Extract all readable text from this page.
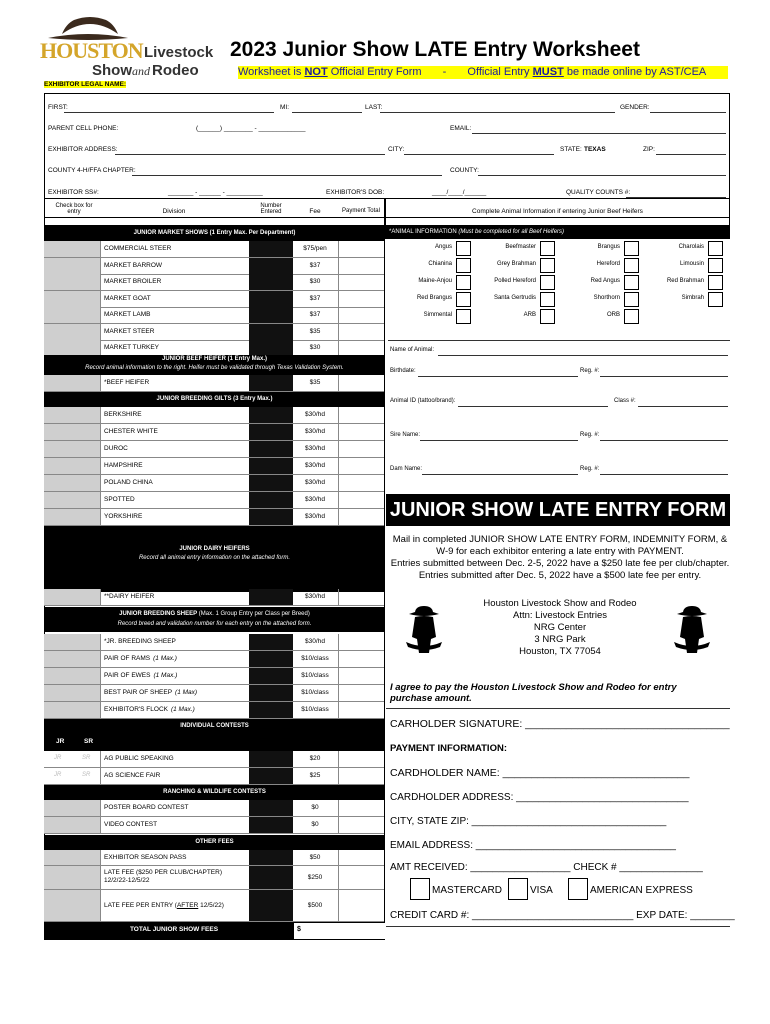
HOUSTON Livestock
Show and Rodeo
2023 Junior Show LATE Entry Worksheet
Worksheet is NOT Official Entry Form - Official Entry MUST be made online by AST/CEA
EXHIBITOR LEGAL NAME:
FIRST:	MI:	LAST:	GENDER:
PARENT CELL PHONE:	(______) ________ - _____________	EMAIL:
EXHIBITOR ADDRESS:	CITY:	STATE: TEXAS	ZIP:
COUNTY 4-H/FFA CHAPTER:	COUNTY:
EXHIBITOR SS#:	_______ - ______ - __________	EXHIBITOR'S DOB:	____/____/______	QUALITY COUNTS #:
Check box for entry	Division
Number Entered	Fee	Payment Total
JUNIOR MARKET SHOWS (1 Entry Max. Per Department)
COMMERCIAL STEER	$75/pen
MARKET BARROW	$37
MARKET BROILER	$30
MARKET GOAT	$37
MARKET LAMB	$37
MARKET STEER	$35
MARKET TURKEY	$30
JUNIOR BEEF HEIFER (1 Entry Max.)
Record animal information to the right. Heifer must be validated through Texas Validation System.
*BEEF HEIFER	$35
JUNIOR BREEDING GILTS (3 Entry Max.)
BERKSHIRE	$30/hd
CHESTER WHITE	$30/hd
DUROC	$30/hd
HAMPSHIRE	$30/hd
POLAND CHINA	$30/hd
SPOTTED	$30/hd
YORKSHIRE	$30/hd
JUNIOR DAIRY HEIFERS
Record all animal entry information on the attached form.
**DAIRY HEIFER	$30/hd
JUNIOR BREEDING SHEEP (Max. 1 Group Entry per Class per Breed)
Record breed and validation number for each entry on the attached form.
*JR. BREEDING SHEEP	$30/hd
PAIR OF RAMS (1 Max.)	$10/class
PAIR OF EWES (1 Max.)	$10/class
BEST PAIR OF SHEEP (1 Max)	$10/class
EXHIBITOR'S FLOCK (1 Max.)	$10/class
INDIVIDUAL CONTESTS
JR	SR
JR	SR AG PUBLIC SPEAKING	$20
JR	SR AG SCIENCE FAIR	$25
RANCHING & WILDLIFE CONTESTS
POSTER BOARD CONTEST	$0
VIDEO CONTEST	$0
OTHER FEES
EXHIBITOR SEASON PASS	$50
LATE FEE ($250 PER CLUB/CHAPTER) 12/2/22-12/5/22	$250
LATE FEE PER ENTRY (AFTER 12/5/22)	$500
TOTAL JUNIOR SHOW FEES	$
Complete Animal Information if entering Junior Beef Heifers
*ANIMAL INFORMATION (Must be completed for all Beef Heifers)
Angus	Beefmaster	Brangus	Charolais
Chianina	Grey Brahman	Hereford	Limousin
Maine-Anjou	Polled Hereford	Red Angus	Red Brahman
Red Brangus	Santa Gertrudis	Shorthorn	Simbrah
Simmental	ARB	ORB
Name of Animal:
Birthdate:	Reg. #:
Animal ID (tattoo/brand):	Class #:
Sire Name:	Reg. #:
Dam Name:	Reg. #:
JUNIOR SHOW LATE ENTRY FORM
Mail in completed JUNIOR SHOW LATE ENTRY FORM, INDEMNITY FORM, & W-9 for each exhibitor entering a late entry with PAYMENT.
Entries submitted between Dec. 2-5, 2022 have a $250 late fee per club/chapter.
Entries submitted after Dec. 5, 2022 have a $500 late fee per entry.
Houston Livestock Show and Rodeo
Attn: Livestock Entries
NRG Center
3 NRG Park
Houston, TX 77054
I agree to pay the Houston Livestock Show and Rodeo for entry purchase amount.
CARHOLDER SIGNATURE: ___________________________________
PAYMENT INFORMATION:
CARDHOLDER NAME: ________________________________
CARDHOLDER ADDRESS: _______________________________
CITY, STATE ZIP: ___________________________________
EMAIL ADDRESS: ____________________________________
AMT RECEIVED: __________________ CHECK # _______________
MASTERCARD	VISA	AMERICAN EXPRESS
CREDIT CARD #: _____________________________ EXP DATE: ________
